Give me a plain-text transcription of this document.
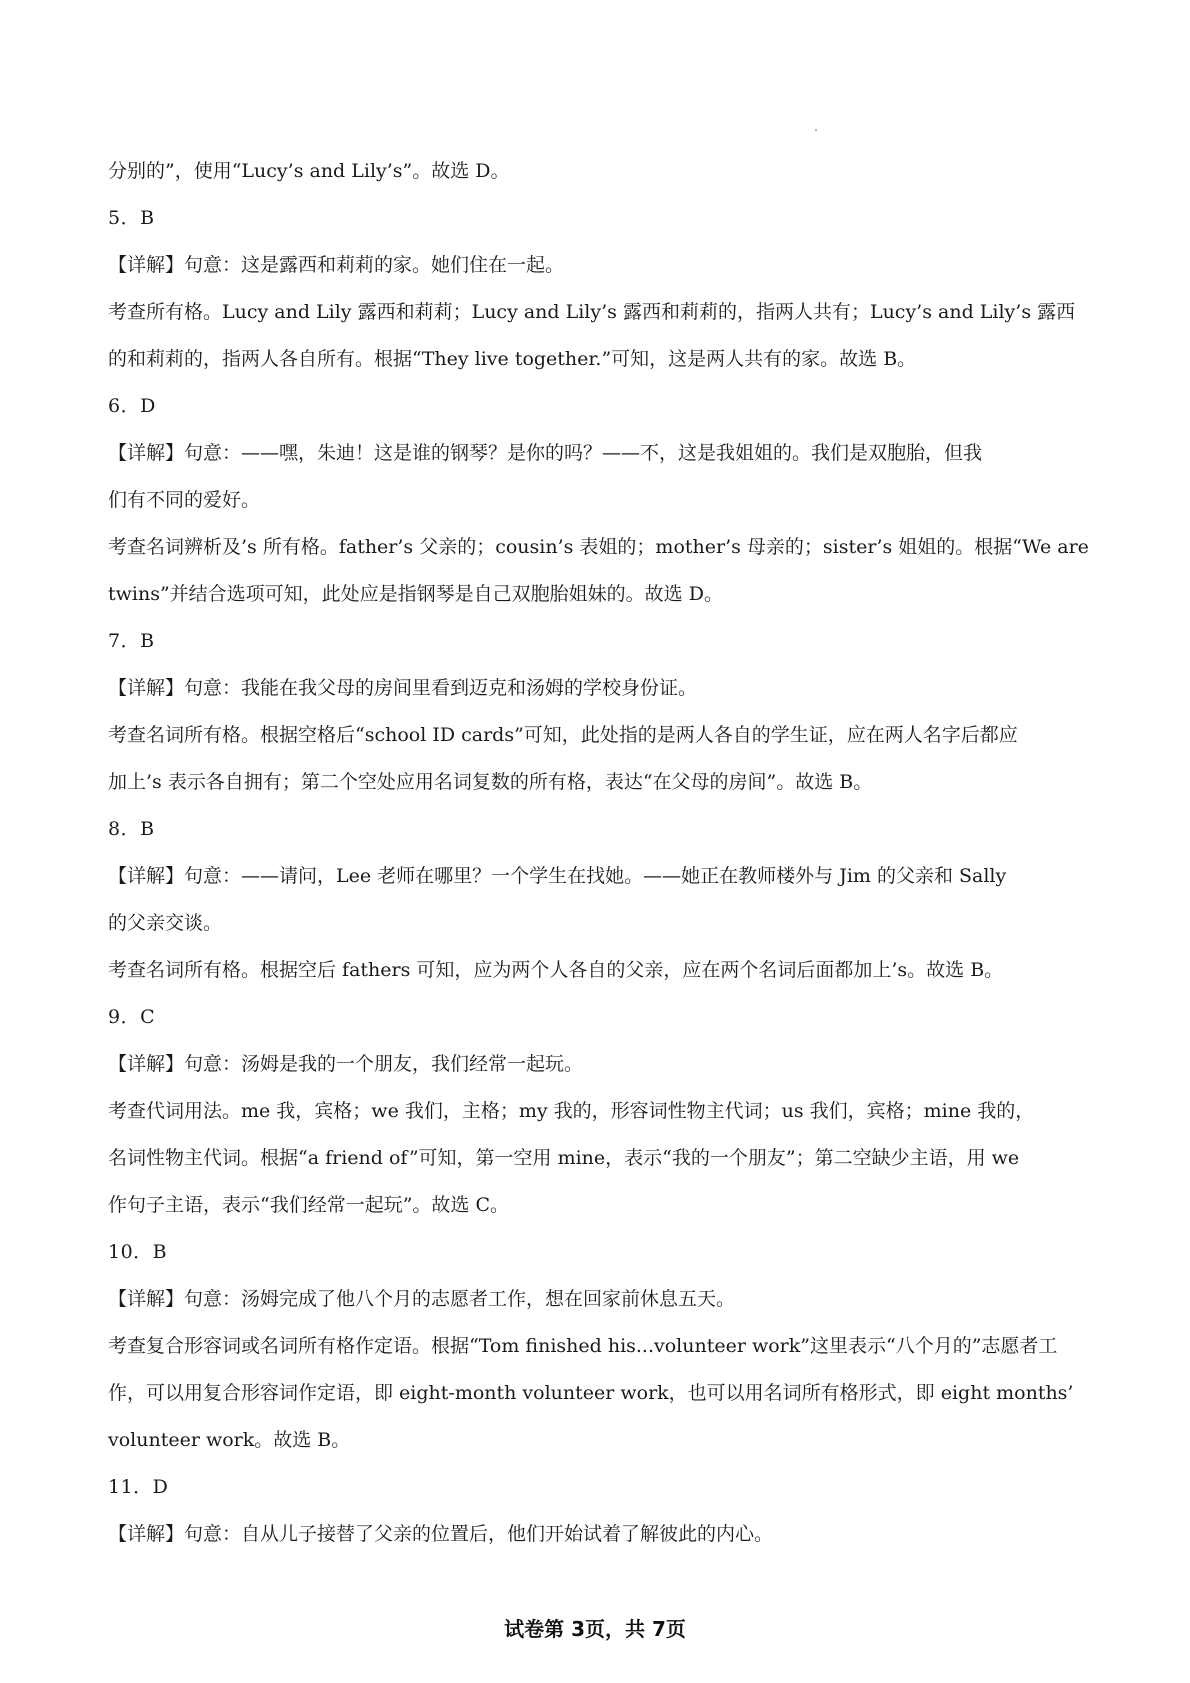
分别的”，使用“Lucy’s and Lily’s”。故选 D。
5．B
【详解】句意：这是露西和莉莉的家。她们住在一起。
考查所有格。Lucy and Lily 露西和莉莉；Lucy and Lily’s 露西和莉莉的，指两人共有；Lucy’s and Lily’s 露西
的和莉莉的，指两人各自所有。根据“They live together.”可知，这是两人共有的家。故选 B。
6．D
【详解】句意：——嘿，朱迪！这是谁的钢琴？是你的吗？——不，这是我姐姐的。我们是双胞胎，但我
们有不同的爱好。
考查名词辨析及’s 所有格。father’s 父亲的；cousin’s 表姐的；mother’s 母亲的；sister’s 姐姐的。根据“We are
twins”并结合选项可知，此处应是指钢琴是自己双胞胎姐妹的。故选 D。
7．B
【详解】句意：我能在我父母的房间里看到迈克和汤姆的学校身份证。
考查名词所有格。根据空格后“school ID cards”可知，此处指的是两人各自的学生证，应在两人名字后都应
加上’s 表示各自拥有；第二个空处应用名词复数的所有格，表达“在父母的房间”。故选 B。
8．B
【详解】句意：——请问，Lee 老师在哪里？一个学生在找她。——她正在教师楼外与 Jim 的父亲和 Sally
的父亲交谈。
考查名词所有格。根据空后 fathers 可知，应为两个人各自的父亲，应在两个名词后面都加上’s。故选 B。
9．C
【详解】句意：汤姆是我的一个朋友，我们经常一起玩。
考查代词用法。me 我，宾格；we 我们，主格；my 我的，形容词性物主代词；us 我们，宾格；mine 我的，
名词性物主代词。根据“a friend of”可知，第一空用 mine，表示“我的一个朋友”；第二空缺少主语，用 we
作句子主语，表示“我们经常一起玩”。故选 C。
10．B
【详解】句意：汤姆完成了他八个月的志愿者工作，想在回家前休息五天。
考查复合形容词或名词所有格作定语。根据“Tom finished his...volunteer work”这里表示“八个月的”志愿者工
作，可以用复合形容词作定语，即 eight-month volunteer work，也可以用名词所有格形式，即 eight months’
volunteer work。故选 B。
11．D
【详解】句意：自从儿子接替了父亲的位置后，他们开始试着了解彼此的内心。
试卷第 3页，共 7页
